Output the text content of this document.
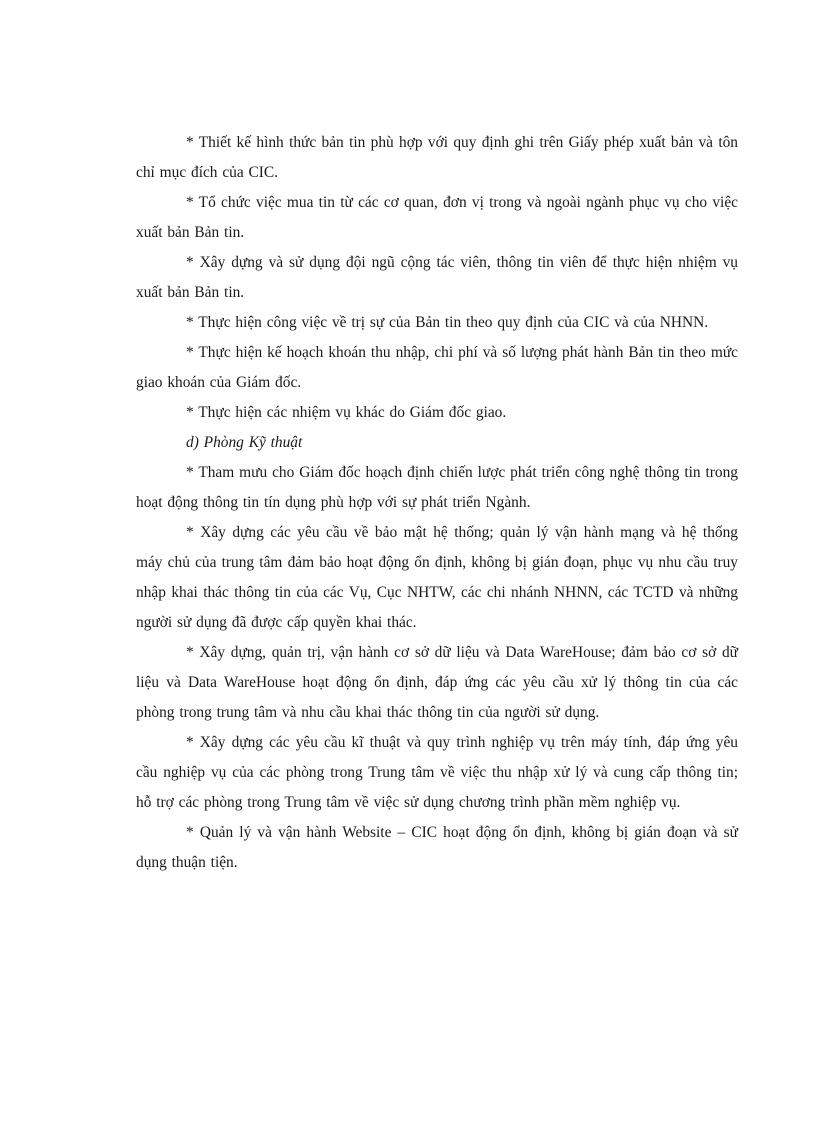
* Thiết kế hình thức bản tin phù hợp với quy định ghi trên Giấy phép xuất bản và tôn chỉ mục đích của CIC.

* Tổ chức việc mua tin từ các cơ quan, đơn vị trong và ngoài ngành phục vụ cho việc xuất bản Bản tin.

* Xây dựng và sử dụng đội ngũ cộng tác viên, thông tin viên để thực hiện nhiệm vụ xuất bản Bản tin.

* Thực hiện công việc về trị sự của Bản tin theo quy định của CIC và của NHNN.

* Thực hiện kế hoạch khoán thu nhập, chi phí và số lượng phát hành Bản tin theo mức giao khoán của Giám đốc.

* Thực hiện các nhiệm vụ khác do Giám đốc giao.

d) Phòng Kỹ thuật

* Tham mưu cho Giám đốc hoạch định chiến lược phát triển công nghệ thông tin trong hoạt động thông tin tín dụng phù hợp với sự phát triển Ngành.

* Xây dựng các yêu cầu về bảo mật hệ thống; quản lý vận hành mạng và hệ thống máy chủ của trung tâm đảm bảo hoạt động ổn định, không bị gián đoạn, phục vụ nhu cầu truy nhập khai thác thông tin của các Vụ, Cục NHTW, các chi nhánh NHNN, các TCTD và những người sử dụng đã được cấp quyền khai thác.

* Xây dựng, quản trị, vận hành cơ sở dữ liệu và Data WareHouse; đảm bảo cơ sở dữ liệu và Data WareHouse hoạt động ổn định, đáp ứng các yêu cầu xử lý thông tin của các phòng trong trung tâm và nhu cầu khai thác thông tin của người sử dụng.

* Xây dựng các yêu cầu kĩ thuật và quy trình nghiệp vụ trên máy tính, đáp ứng yêu cầu nghiệp vụ của các phòng trong Trung tâm về việc thu nhập xử lý và cung cấp thông tin; hỗ trợ các phòng trong Trung tâm về việc sử dụng chương trình phần mềm nghiệp vụ.

* Quản lý và vận hành Website – CIC hoạt động ổn định, không bị gián đoạn và sử dụng thuận tiện.
